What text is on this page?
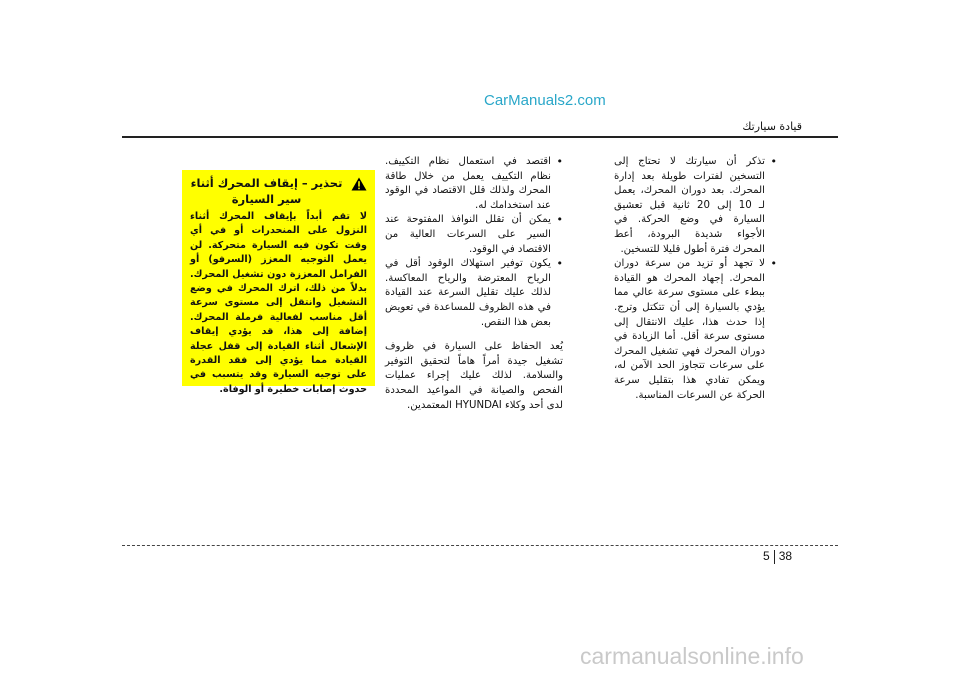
CarManuals2.com
قيادة سيارتك
•
تذكر أن سيارتك لا تحتاج إلى التسخين لفترات طويلة بعد إدارة المحرك. بعد دوران المحرك، يعمل لـ 10 إلى 20 ثانية قبل تعشيق السيارة في وضع الحركة. في الأجواء شديدة البرودة، أعط المحرك فترة أطول قليلا للتسخين.
•
لا تجهد أو تزيد من سرعة دوران المحرك. إجهاد المحرك هو القيادة ببطء على مستوى سرعة عالي مما يؤدي بالسيارة إلى أن تتكتل وترج. إذا حدث هذا، عليك الانتقال إلى مستوى سرعة أقل. أما الزيادة في دوران المحرك فهي تشغيل المحرك على سرعات تتجاوز الحد الآمن له، ويمكن تفادي هذا بتقليل سرعة الحركة عن السرعات المناسبة.
•
اقتصد في استعمال نظام التكييف. نظام التكييف يعمل من خلال طاقة المحرك ولذلك قلل الاقتصاد في الوقود عند استخدامك له.
•
يمكن أن تقلل النوافذ المفتوحة عند السير على السرعات العالية من الاقتصاد في الوقود.
•
يكون توفير استهلاك الوقود أقل في الرياح المعترضة والرياح المعاكسة. لذلك عليك تقليل السرعة عند القيادة في هذه الظروف للمساعدة في تعويض بعض هذا النقص.

يُعد الحفاظ على السيارة في ظروف تشغيل جيدة أمراً هاماً لتحقيق التوفير والسلامة. لذلك عليك إجراء عمليات الفحص والصيانة في المواعيد المحددة لدى أحد وكلاء HYUNDAI المعتمدين.

تحذير – إيقاف المحرك أثناء سير السيارة
لا تقم أبداً بإيقاف المحرك أثناء النزول على المنحدرات أو في أي وقت تكون فيه السيارة متحركة. لن يعمل التوجيه المعزز (السرفو) أو الفرامل المعززة دون تشغيل المحرك. بدلاً من ذلك، اترك المحرك في وضع التشغيل وانتقل إلى مستوى سرعة أقل مناسب لفعالية فرملة المحرك. إضافة إلى هذا، قد يؤدي إيقاف الإشعال أثناء القيادة إلى قفل عجلة القيادة مما يؤدي إلى فقد القدرة على توجيه السيارة وقد يتسبب في حدوث إصابات خطيرة أو الوفاة.
5 38
carmanualsonline.info
